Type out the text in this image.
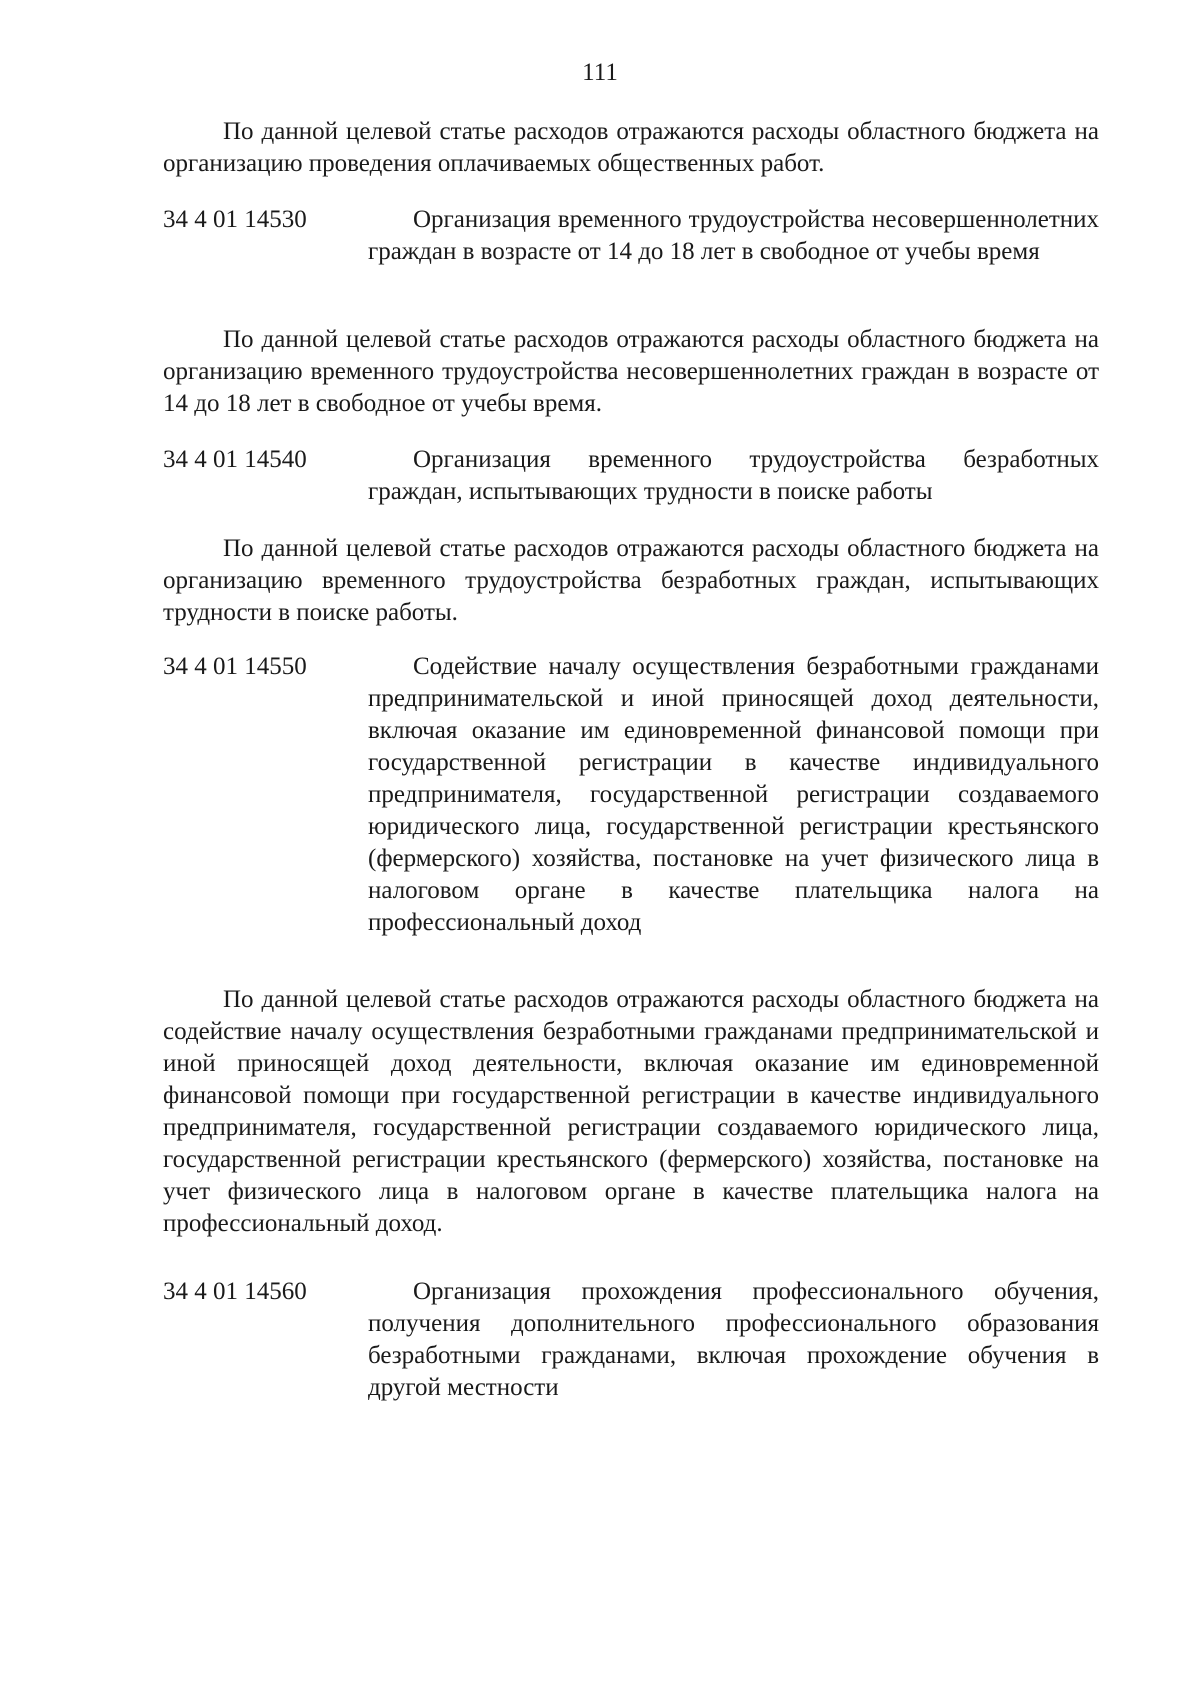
111

По данной целевой статье расходов отражаются расходы областного бюджета на организацию проведения оплачиваемых общественных работ.

34 4 01 14530	Организация временного трудоустройства несовершеннолетних граждан в возрасте от 14 до 18 лет в свободное от учебы время

По данной целевой статье расходов отражаются расходы областного бюджета на организацию временного трудоустройства несовершеннолетних граждан в возрасте от 14 до 18 лет в свободное от учебы время.

34 4 01 14540	Организация временного трудоустройства безработных граждан, испытывающих трудности в поиске работы

По данной целевой статье расходов отражаются расходы областного бюджета на организацию временного трудоустройства безработных граждан, испытывающих трудности в поиске работы.

34 4 01 14550	Содействие началу осуществления безработными гражданами предпринимательской и иной приносящей доход деятельности, включая оказание им единовременной финансовой помощи при государственной регистрации в качестве индивидуального предпринимателя, государственной регистрации создаваемого юридического лица, государственной регистрации крестьянского (фермерского) хозяйства, постановке на учет физического лица в налоговом органе в качестве плательщика налога на профессиональный доход

По данной целевой статье расходов отражаются расходы областного бюджета на содействие началу осуществления безработными гражданами предпринимательской и иной приносящей доход деятельности, включая оказание им единовременной финансовой помощи при государственной регистрации в качестве индивидуального предпринимателя, государственной регистрации создаваемого юридического лица, государственной регистрации крестьянского (фермерского) хозяйства, постановке на учет физического лица в налоговом органе в качестве плательщика налога на профессиональный доход.

34 4 01 14560	Организация прохождения профессионального обучения, получения дополнительного профессионального образования безработными гражданами, включая прохождение обучения в другой местности
